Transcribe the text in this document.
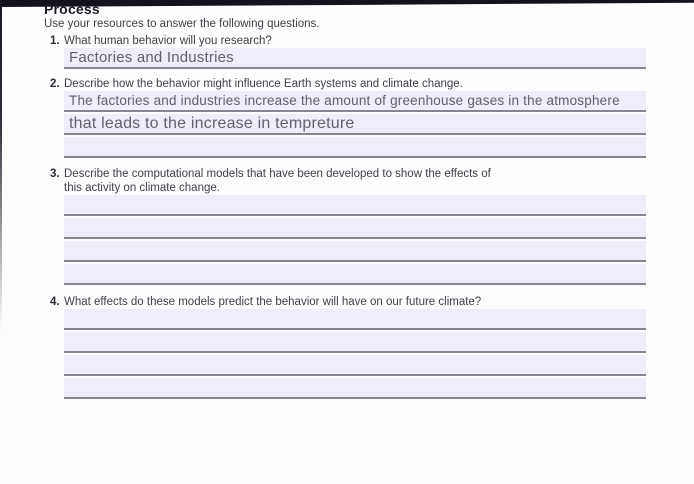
Process

Use your resources to answer the following questions.

1. What human behavior will you research?
Factories and Industries
2. Describe how the behavior might influence Earth systems and climate change.
The factories and industries increase the amount of greenhouse gases in the atmosphere
that leads to the increase in tempreture
3. Describe the computational models that have been developed to show the effects of
this activity on climate change.
4. What effects do these models predict the behavior will have on our future climate?
